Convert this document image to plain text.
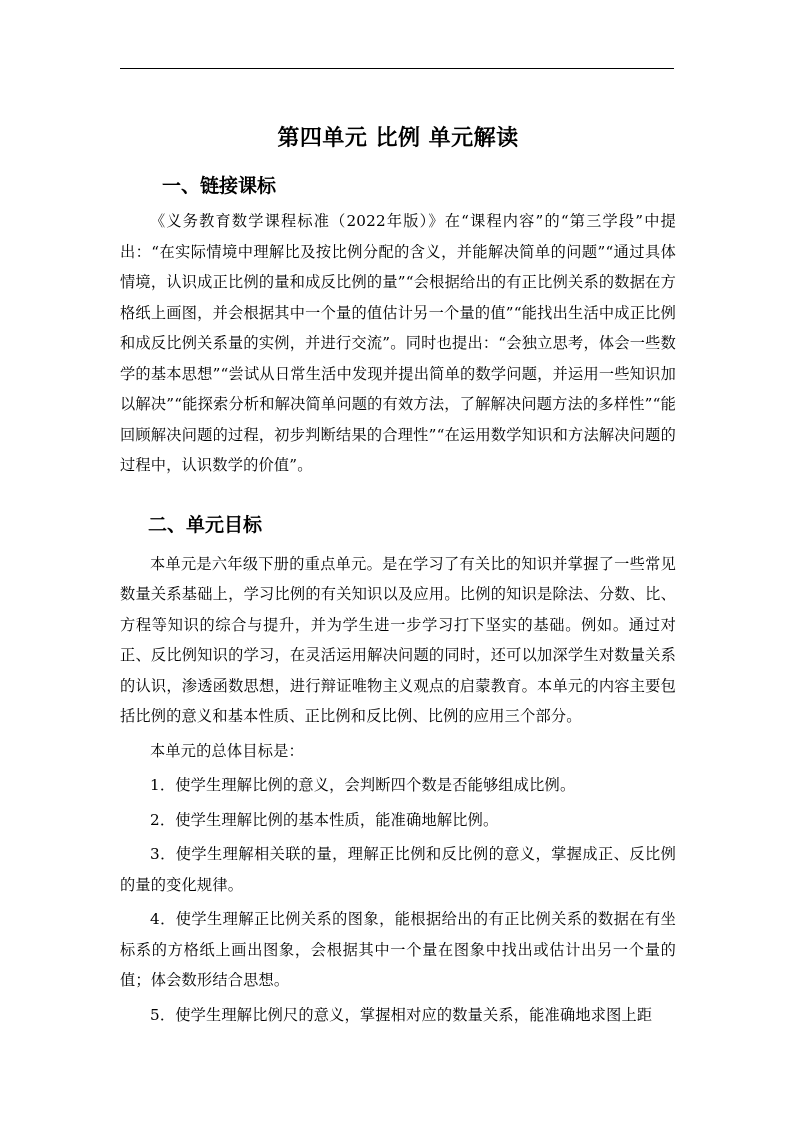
第四单元 比例 单元解读
一、链接课标

《义务教育数学课程标准（2022年版）》在“课程内容”的“第三学段”中提出：“在实际情境中理解比及按比例分配的含义，并能解决简单的问题”“通过具体情境，认识成正比例的量和成反比例的量”“会根据给出的有正比例关系的数据在方格纸上画图，并会根据其中一个量的值估计另一个量的值”“能找出生活中成正比例和成反比例关系量的实例，并进行交流”。同时也提出：“会独立思考，体会一些数学的基本思想”“尝试从日常生活中发现并提出简单的数学问题，并运用一些知识加以解决”“能探索分析和解决简单问题的有效方法，了解解决问题方法的多样性”“能回顾解决问题的过程，初步判断结果的合理性”“在运用数学知识和方法解决问题的过程中，认识数学的价值”。

二、单元目标

本单元是六年级下册的重点单元。是在学习了有关比的知识并掌握了一些常见数量关系基础上，学习比例的有关知识以及应用。比例的知识是除法、分数、比、方程等知识的综合与提升，并为学生进一步学习打下坚实的基础。例如。通过对正、反比例知识的学习，在灵活运用解决问题的同时，还可以加深学生对数量关系的认识，渗透函数思想，进行辩证唯物主义观点的启蒙教育。本单元的内容主要包括比例的意义和基本性质、正比例和反比例、比例的应用三个部分。

本单元的总体目标是：

1．使学生理解比例的意义，会判断四个数是否能够组成比例。
2．使学生理解比例的基本性质，能准确地解比例。
3．使学生理解相关联的量，理解正比例和反比例的意义，掌握成正、反比例的量的变化规律。
4．使学生理解正比例关系的图象，能根据给出的有正比例关系的数据在有坐标系的方格纸上画出图象，会根据其中一个量在图象中找出或估计出另一个量的值；体会数形结合思想。
5．使学生理解比例尺的意义，掌握相对应的数量关系，能准确地求图上距
